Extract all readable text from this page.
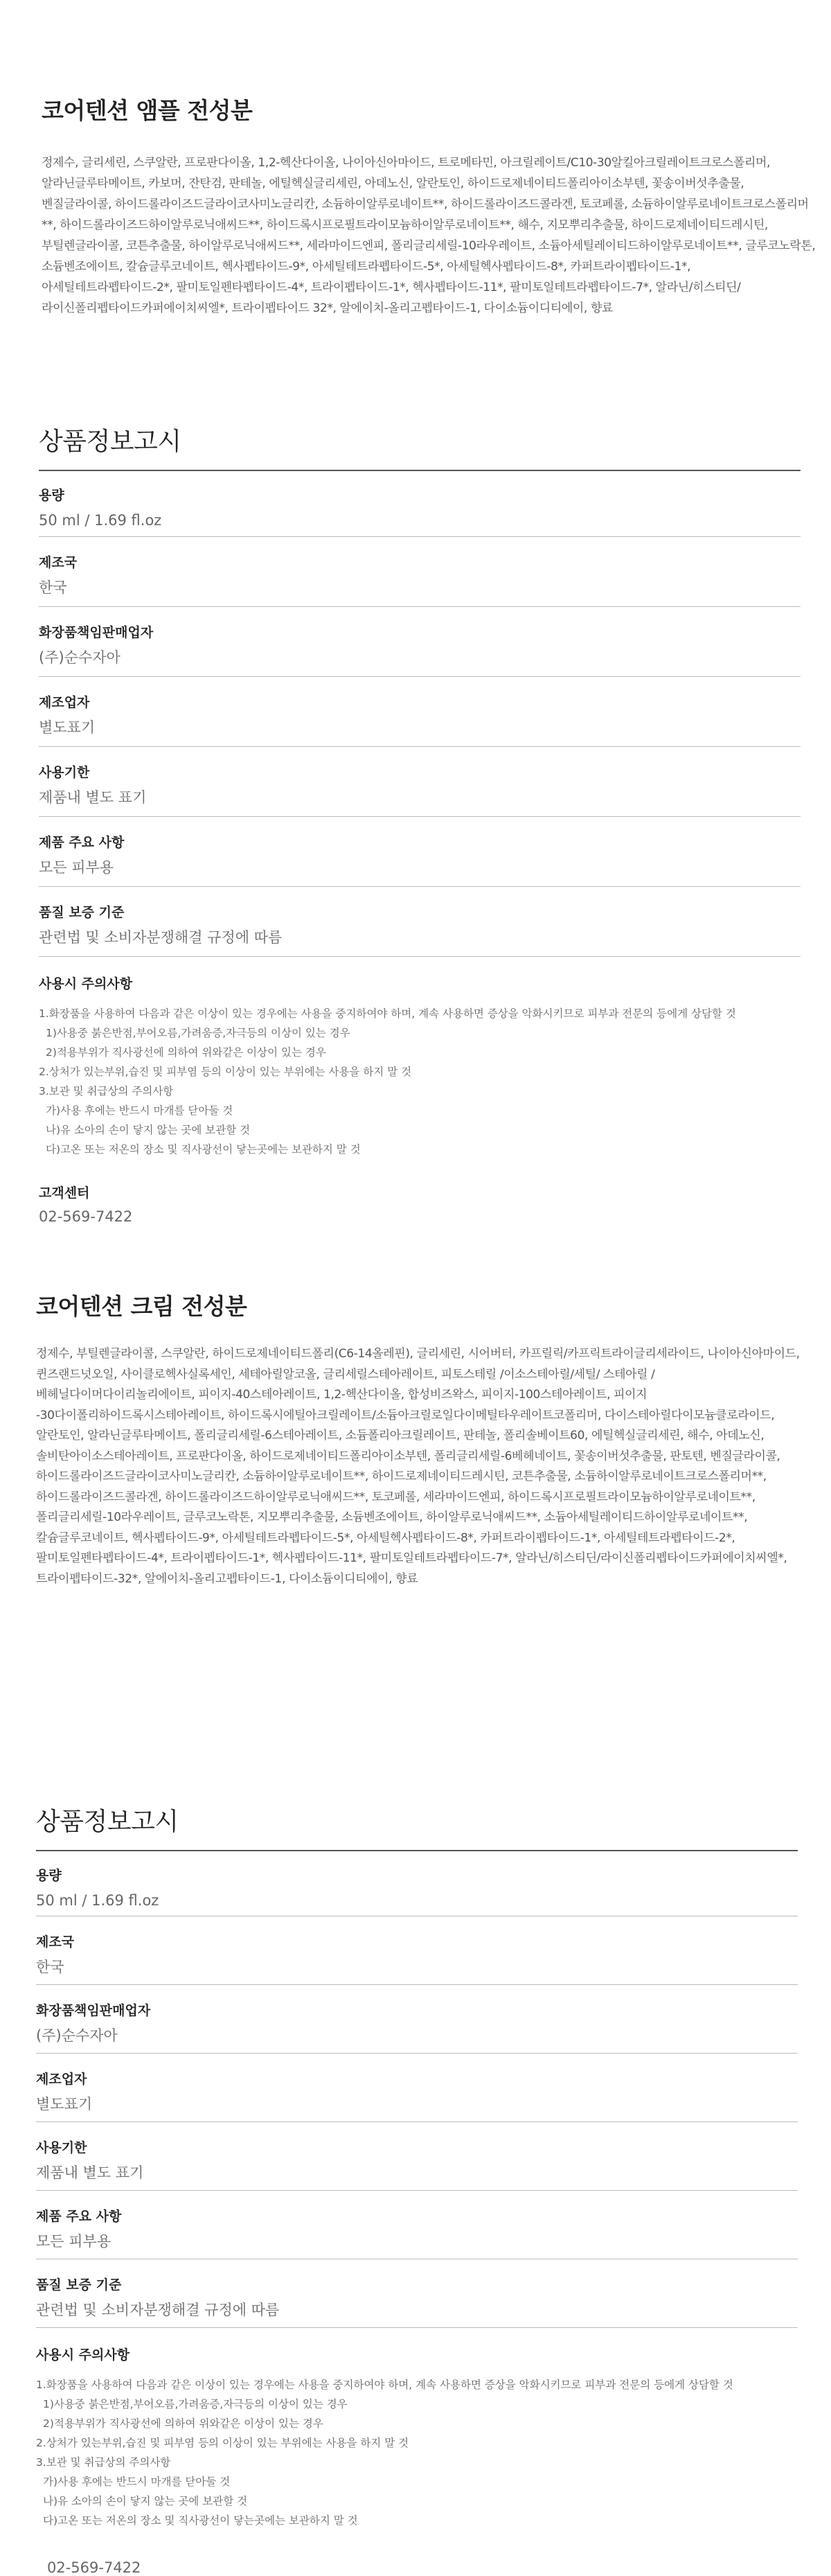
코어텐션 앰플 전성분

정제수, 글리세린, 스쿠알란, 프로판다이올, 1,2-헥산다이올, 나이아신아마이드, 트로메타민, 아크릴레이트/C10-30알킬아크릴레이트크로스폴리머, 알라닌글루타메이트, 카보머, 잔탄검, 판테놀, 에틸헥실글리세린, 아데노신, 알란토인, 하이드로제네이티드폴리아이소부텐, 꽃송이버섯추출물, 벤질글라이콜, 하이드롤라이즈드글라이코사미노글리칸, 소듐하이알루로네이트**, 하이드롤라이즈드콜라겐, 토코페롤, 소듐하이알루로네이트크로스폴리머**, 하이드롤라이즈드하이알루로닉애씨드**, 하이드록시프로필트라이모늄하이알루로네이트**, 해수, 지모뿌리추출물, 하이드로제네이티드레시틴, 부틸렌글라이콜, 코튼추출물, 하이알루로닉애씨드**, 세라마이드엔피, 폴리글리세릴-10라우레이트, 소듐아세틸레이티드하이알루로네이트**, 글루코노락톤, 소듐벤조에이트, 칼슘글루코네이트, 헥사펩타이드-9*, 아세틸테트라펩타이드-5*, 아세틸헥사펩타이드-8*, 카퍼트라이펩타이드-1*, 아세틸테트라펩타이드-2*, 팔미토일펜타펩타이드-4*, 트라이펩타이드-1*, 헥사펩타이드-11*, 팔미토일테트라펩타이드-7*, 알라닌/히스티딘/라이신폴리펩타이드카퍼에이치씨엘*, 트라이펩타이드 32*, 알에이치-올리고펩타이드-1, 다이소듐이디티에이, 향료

상품정보고시
용량
50 ml / 1.69 fl.oz
제조국
한국
화장품책임판매업자
(주)순수자아
제조업자
별도표기
사용기한
제품내 별도 표기
제품 주요 사항
모든 피부용
품질 보증 기준
관련법 및 소비자분쟁해결 규정에 따름
사용시 주의사항
1.화장품을 사용하여 다음과 같은 이상이 있는 경우에는 사용을 중지하여야 하며, 계속 사용하면 증상을 악화시키므로 피부과 전문의 등에게 상담할 것
1)사용중 붉은반점,부어오름,가려움증,자극등의 이상이 있는 경우
2)적용부위가 직사광선에 의하여 위와같은 이상이 있는 경우
2.상처가 있는부위,습진 및 피부염 등의 이상이 있는 부위에는 사용을 하지 말 것
3.보관 및 취급상의 주의사항
가)사용 후에는 반드시 마개를 닫아둘 것
나)유 소아의 손이 닿지 않는 곳에 보관할 것
다)고온 또는 저온의 장소 및 직사광선이 닿는곳에는 보관하지 말 것
고객센터
02-569-7422
코어텐션 크림 전성분

정제수, 부틸렌글라이콜, 스쿠알란, 하이드로제네이티드폴리(C6-14올레핀), 글리세린, 시어버터, 카프릴릭/카프릭트라이글리세라이드, 나이아신아마이드, 퀸즈랜드넛오일, 사이클로헥사실록세인, 세테아릴알코올, 글리세릴스테아레이트, 피토스테릴 /이소스테아릴/세틸/ 스테아릴 / 베헤닐다이머다이리놀리에이트, 피이지-40스테아레이트, 1,2-헥산다이올, 합성비즈왁스, 피이지-100스테아레이트, 피이지 -30다이폴리하이드록시스테아레이트, 하이드록시에틸아크릴레이트/소듐아크릴로일다이메틸타우레이트코폴리머, 다이스테아릴다이모늄클로라이드, 알란토인, 알라닌글루타메이트, 폴리글리세릴-6스테아레이트, 소듐폴리아크릴레이트, 판테놀, 폴리솔베이트60, 에틸헥실글리세린, 해수, 아데노신, 솔비탄아이소스테아레이트, 프로판다이올, 하이드로제네이티드폴리아이소부텐, 폴리글리세릴-6베헤네이트, 꽃송이버섯추출물, 판토텐, 벤질글라이콜, 하이드롤라이즈드글라이코사미노글리칸, 소듐하이알루로네이트**, 하이드로제네이티드레시틴, 코튼추출물, 소듐하이알루로네이트크로스폴리머**, 하이드롤라이즈드콜라겐, 하이드롤라이즈드하이알루로닉애씨드**, 토코페롤, 세라마이드엔피, 하이드록시프로필트라이모늄하이알루로네이트**, 폴리글리세릴-10라우레이트, 글루코노락톤, 지모뿌리추출물, 소듐벤조에이트, 하이알루로닉애씨드**, 소듐아세틸레이티드하이알루로네이트**, 칼슘글루코네이트, 헥사펩타이드-9*, 아세틸테트라펩타이드-5*, 아세틸헥사펩타이드-8*, 카퍼트라이펩타이드-1*, 아세틸테트라펩타이드-2*, 팔미토일펜타펩타이드-4*, 트라이펩타이드-1*, 헥사펩타이드-11*, 팔미토일테트라펩타이드-7*, 알라닌/히스티딘/라이신폴리펩타이드카퍼에이치씨엘*, 트라이펩타이드-32*, 알에이치-올리고펩타이드-1, 다이소듐이디티에이, 향료

상품정보고시
용량
50 ml / 1.69 fl.oz
제조국
한국
화장품책임판매업자
(주)순수자아
제조업자
별도표기
사용기한
제품내 별도 표기
제품 주요 사항
모든 피부용
품질 보증 기준
관련법 및 소비자분쟁해결 규정에 따름
사용시 주의사항
1.화장품을 사용하여 다음과 같은 이상이 있는 경우에는 사용을 중지하여야 하며, 계속 사용하면 증상을 악화시키므로 피부과 전문의 등에게 상담할 것
1)사용중 붉은반점,부어오름,가려움증,자극등의 이상이 있는 경우
2)적용부위가 직사광선에 의하여 위와같은 이상이 있는 경우
2.상처가 있는부위,습진 및 피부염 등의 이상이 있는 부위에는 사용을 하지 말 것
3.보관 및 취급상의 주의사항
가)사용 후에는 반드시 마개를 닫아둘 것
나)유 소아의 손이 닿지 않는 곳에 보관할 것
다)고온 또는 저온의 장소 및 직사광선이 닿는곳에는 보관하지 말 것
02-569-7422
